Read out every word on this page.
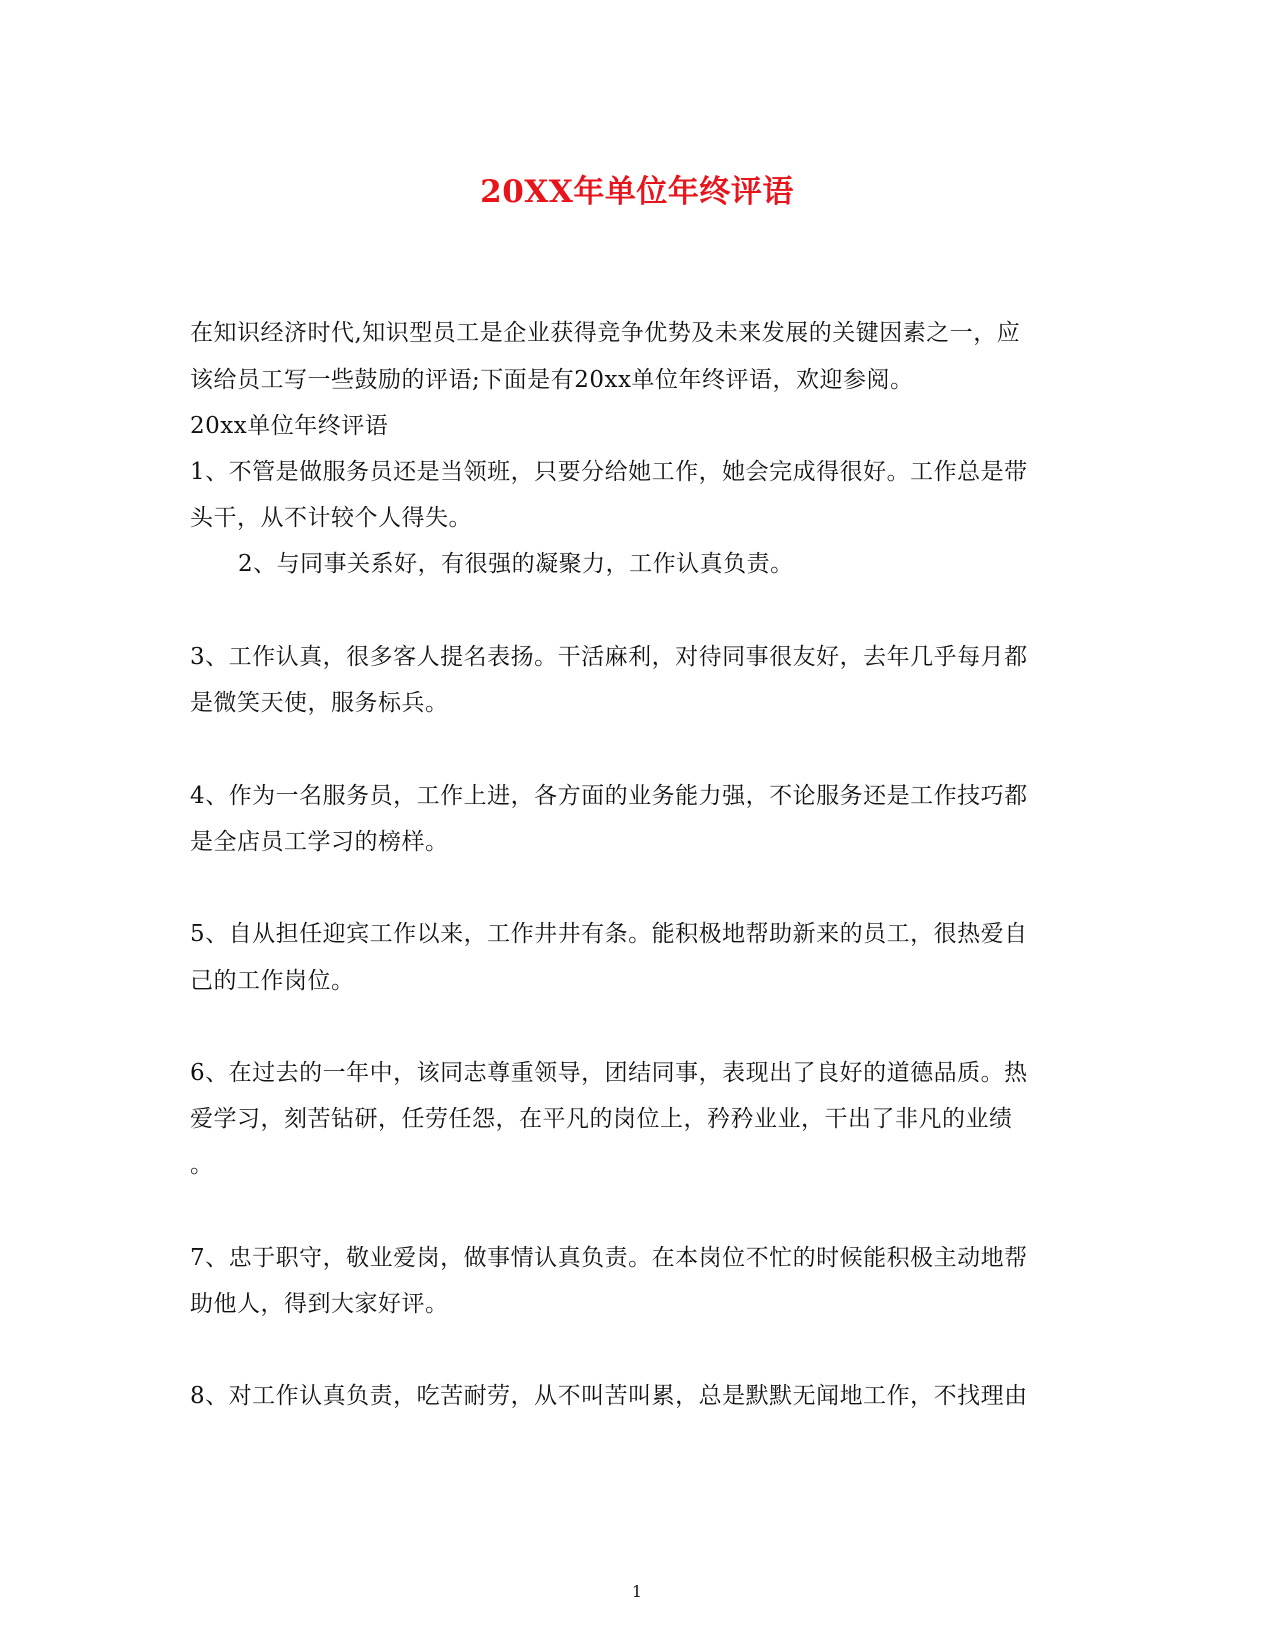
20XX年单位年终评语
在知识经济时代,知识型员工是企业获得竞争优势及未来发展的关键因素之一，应
该给员工写一些鼓励的评语;下面是有20xx单位年终评语，欢迎参阅。
20xx单位年终评语
1、不管是做服务员还是当领班，只要分给她工作，她会完成得很好。工作总是带
头干，从不计较个人得失。
2、与同事关系好，有很强的凝聚力，工作认真负责。
3、工作认真，很多客人提名表扬。干活麻利，对待同事很友好，去年几乎每月都
是微笑天使，服务标兵。
4、作为一名服务员，工作上进，各方面的业务能力强，不论服务还是工作技巧都
是全店员工学习的榜样。
5、自从担任迎宾工作以来，工作井井有条。能积极地帮助新来的员工，很热爱自
己的工作岗位。
6、在过去的一年中，该同志尊重领导，团结同事，表现出了良好的道德品质。热
爱学习，刻苦钻研，任劳任怨，在平凡的岗位上，矜矜业业，干出了非凡的业绩
。
7、忠于职守，敬业爱岗，做事情认真负责。在本岗位不忙的时候能积极主动地帮
助他人，得到大家好评。
8、对工作认真负责，吃苦耐劳，从不叫苦叫累，总是默默无闻地工作，不找理由
1
